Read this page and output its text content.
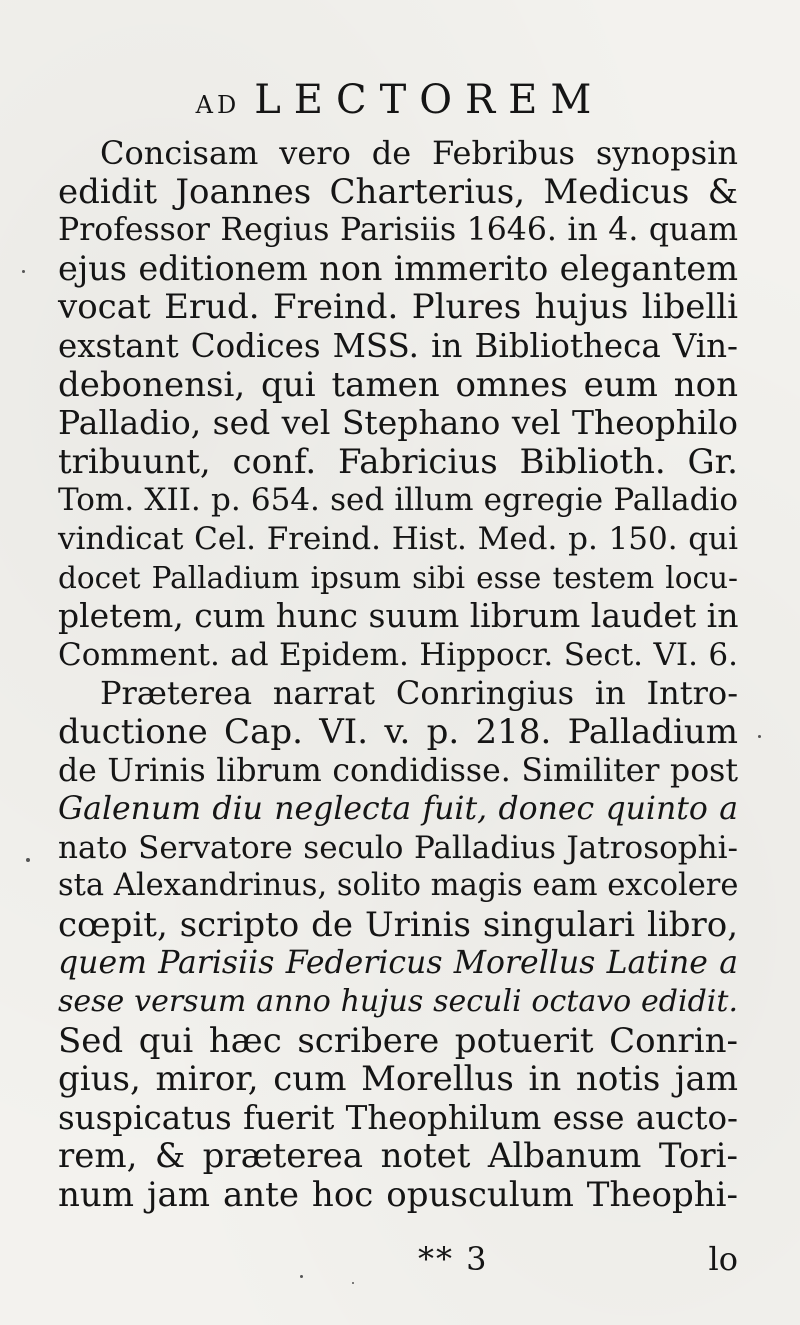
AD LECTOREM
Concisam vero de Febribus synopsin
edidit Joannes Charterius, Medicus &
Professor Regius Parisiis 1646. in 4. quam
ejus editionem non immerito elegantem
vocat Erud. Freind. Plures hujus libelli
exstant Codices MSS. in Bibliotheca Vin-
debonensi, qui tamen omnes eum non
Palladio, sed vel Stephano vel Theophilo
tribuunt, conf. Fabricius Biblioth. Gr.
Tom. XII. p. 654. sed illum egregie Palladio
vindicat Cel. Freind. Hist. Med. p. 150. qui
docet Palladium ipsum sibi esse testem locu-
pletem, cum hunc suum librum laudet in
Comment. ad Epidem. Hippocr. Sect. VI. 6.
Præterea narrat Conringius in Intro-
ductione Cap. VI. v. p. 218. Palladium
de Urinis librum condidisse. Similiter post
Galenum diu neglecta fuit, donec quinto a
nato Servatore seculo Palladius Jatrosophi-
sta Alexandrinus, solito magis eam excolere
cœpit, scripto de Urinis singulari libro,
quem Parisiis Federicus Morellus Latine a
sese versum anno hujus seculi octavo edidit.
Sed qui hæc scribere potuerit Conrin-
gius, miror, cum Morellus in notis jam
suspicatus fuerit Theophilum esse aucto-
rem, & præterea notet Albanum Tori-
num jam ante hoc opusculum Theophi-
** 3	lo
